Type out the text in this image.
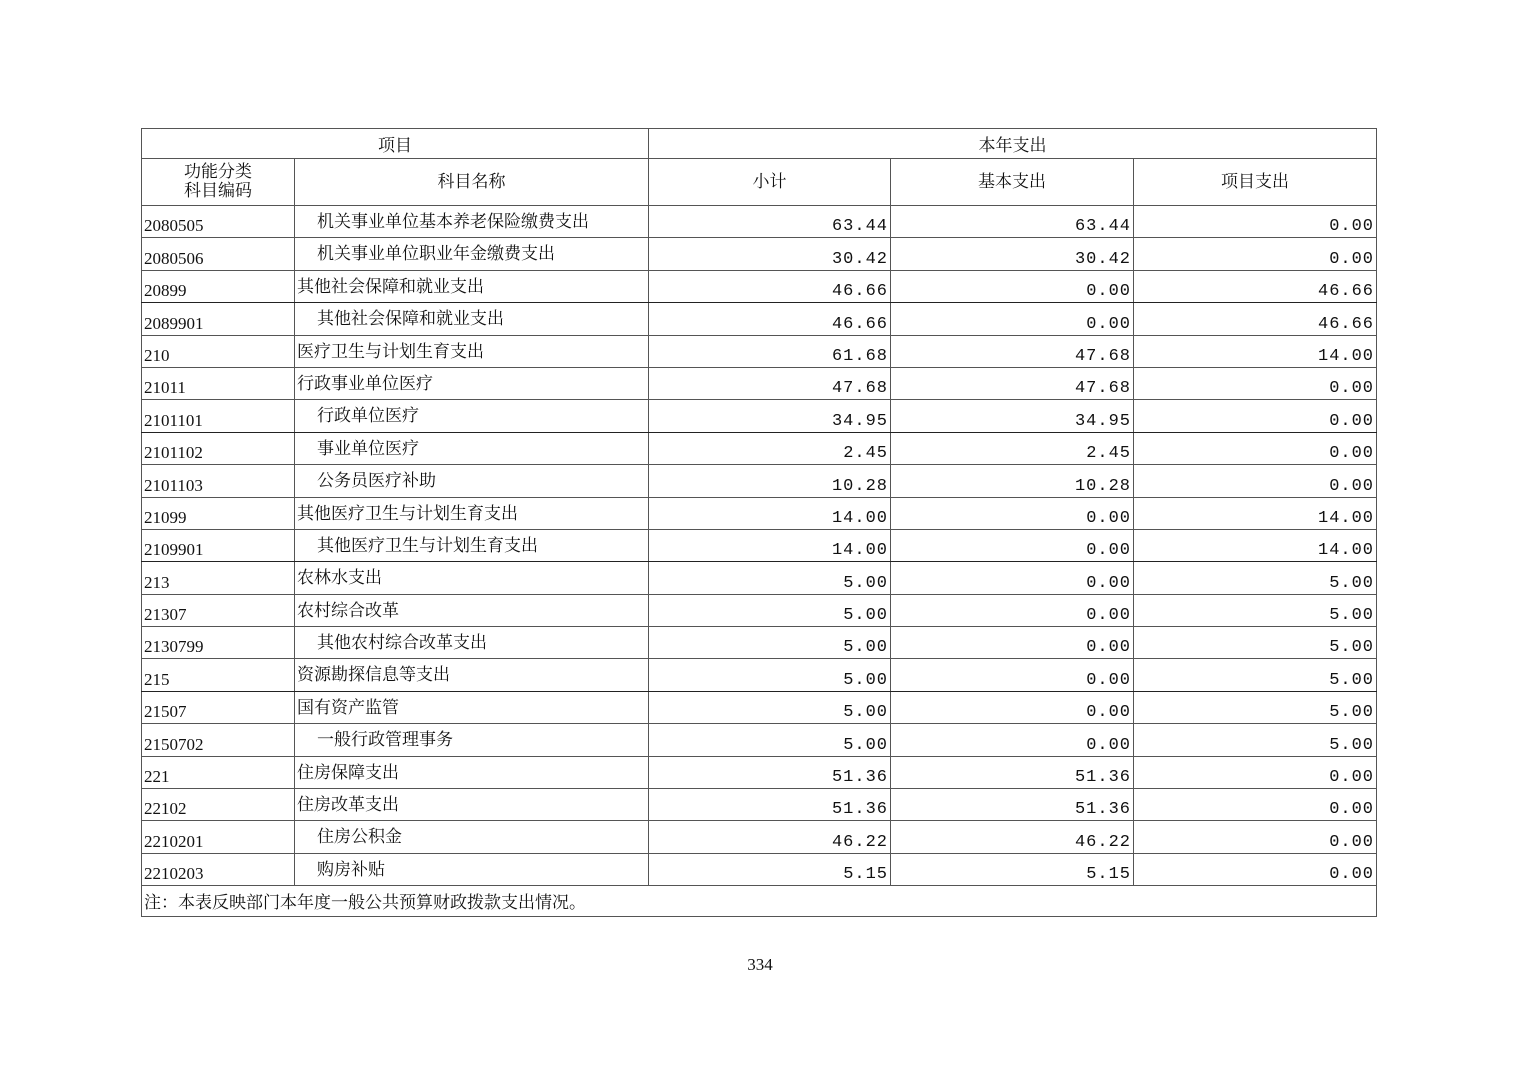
项目		本年支出		
功能分类
科目编码	科目名称	小计	基本支出	项目支出
2080505	机关事业单位基本养老保险缴费支出	63.44	63.44	0.00
2080506	机关事业单位职业年金缴费支出	30.42	30.42	0.00
20899	其他社会保障和就业支出	46.66	0.00	46.66
2089901	其他社会保障和就业支出	46.66	0.00	46.66
210	医疗卫生与计划生育支出	61.68	47.68	14.00
21011	行政事业单位医疗	47.68	47.68	0.00
2101101	行政单位医疗	34.95	34.95	0.00
2101102	事业单位医疗	2.45	2.45	0.00
2101103	公务员医疗补助	10.28	10.28	0.00
21099	其他医疗卫生与计划生育支出	14.00	0.00	14.00
2109901	其他医疗卫生与计划生育支出	14.00	0.00	14.00
213	农林水支出	5.00	0.00	5.00
21307	农村综合改革	5.00	0.00	5.00
2130799	其他农村综合改革支出	5.00	0.00	5.00
215	资源勘探信息等支出	5.00	0.00	5.00
21507	国有资产监管	5.00	0.00	5.00
2150702	一般行政管理事务	5.00	0.00	5.00
221	住房保障支出	51.36	51.36	0.00
22102	住房改革支出	51.36	51.36	0.00
2210201	住房公积金	46.22	46.22	0.00
2210203	购房补贴	5.15	5.15	0.00
注：本表反映部门本年度一般公共预算财政拨款支出情况。				
334
